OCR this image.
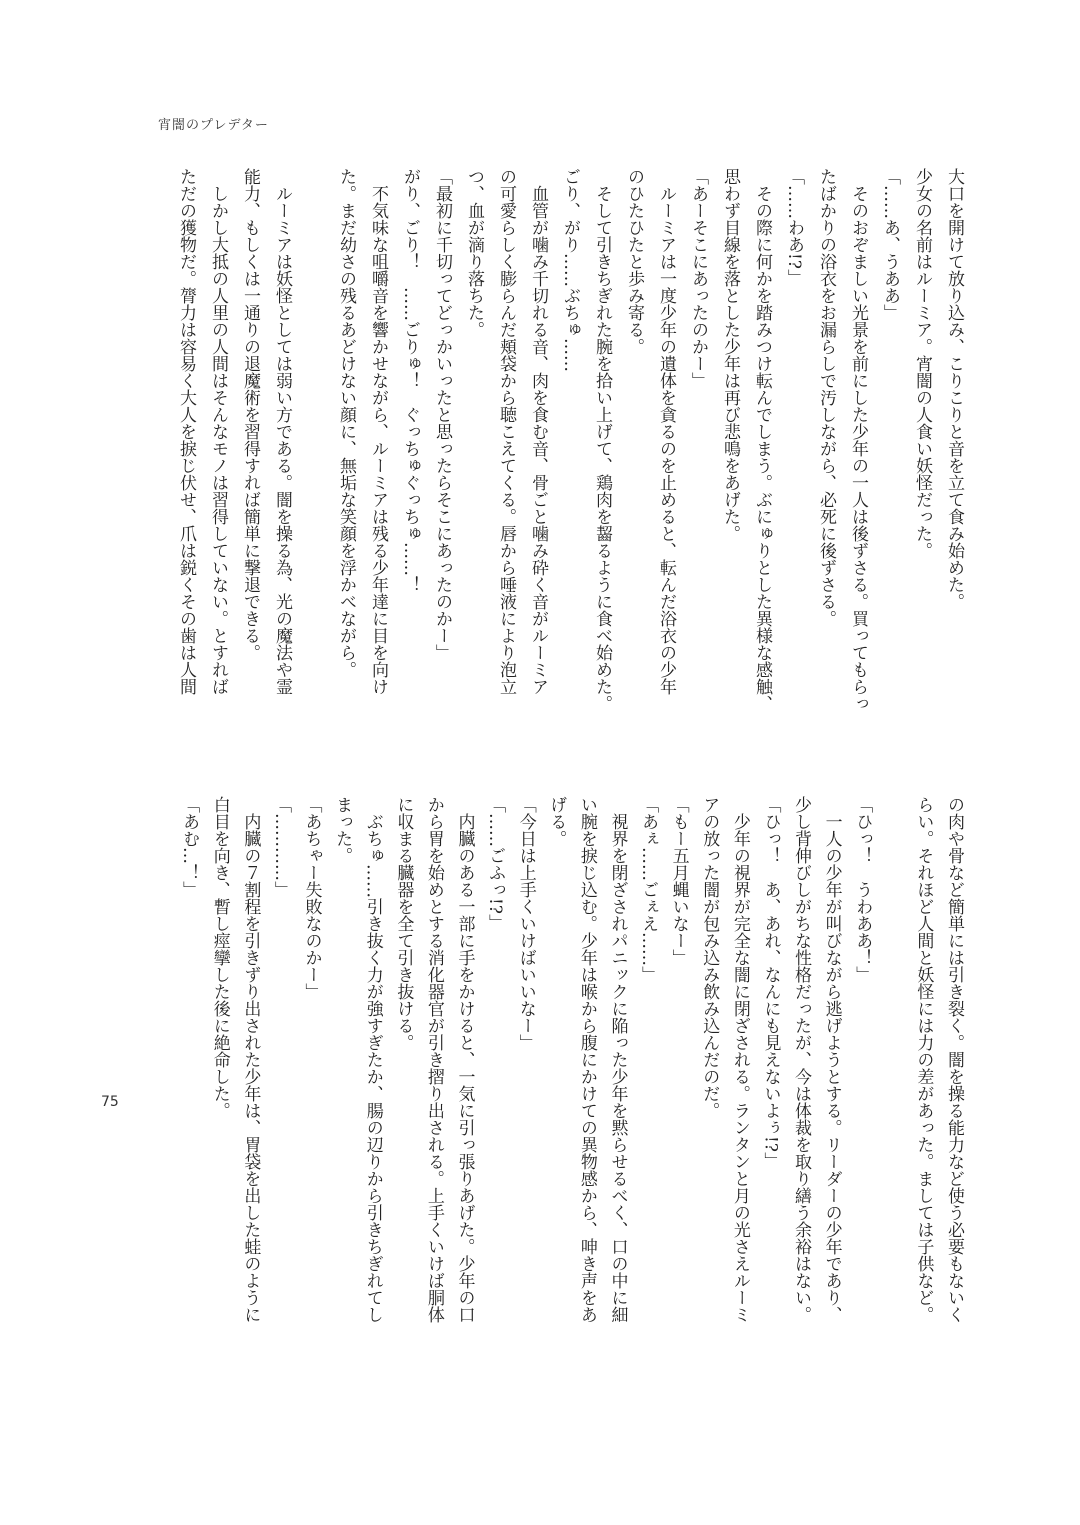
宵闇のプレデター
大口を開けて放り込み、こりこりと音を立て食み始めた。
少女の名前はルーミア。宵闇の人食い妖怪だった。
「……あ、うああ」
　そのおぞましい光景を前にした少年の一人は後ずさる。買ってもらっ
たばかりの浴衣をお漏らしで汚しながら、必死に後ずさる。
「……わあ!?」
　その際に何かを踏みつけ転んでしまう。ぶにゅりとした異様な感触、
思わず目線を落とした少年は再び悲鳴をあげた。
「あーそこにあったのかー」
　ルーミアは一度少年の遺体を貪るのを止めると、転んだ浴衣の少年
のひたひたと歩み寄る。
　そして引きちぎれた腕を拾い上げて、鶏肉を齧るように食べ始めた。
ごり、がり……ぶちゅ……
　血管が噛み千切れる音、肉を食む音、骨ごと噛み砕く音がルーミア
の可愛らしく膨らんだ頬袋から聴こえてくる。唇から唾液により泡立
つ、血が滴り落ちた。
「最初に千切ってどっかいったと思ったらそこにあったのかー」
がり、ごり！　……ごりゅ！　ぐっちゅぐっちゅ……！
　不気味な咀嚼音を響かせながら、ルーミアは残る少年達に目を向け
た。まだ幼さの残るあどけない顔に、無垢な笑顔を浮かべながら。
　ルーミアは妖怪としては弱い方である。闇を操る為、光の魔法や霊
能力、もしくは一通りの退魔術を習得すれば簡単に撃退できる。
　しかし大抵の人里の人間はそんなモノは習得していない。とすれば
ただの獲物だ。膂力は容易く大人を捩じ伏せ、爪は鋭くその歯は人間
の肉や骨など簡単には引き裂く。闇を操る能力など使う必要もないく
らい。それほど人間と妖怪には力の差があった。ましては子供など。
「ひっ！　うわああ！」
　一人の少年が叫びながら逃げようとする。リーダーの少年であり、
少し背伸びしがちな性格だったが、今は体裁を取り繕う余裕はない。
「ひっ！　あ、あれ、なんにも見えないよぅ!?」
　少年の視界が完全な闇に閉ざされる。ランタンと月の光さえルーミ
アの放った闇が包み込み飲み込んだのだ。
「もー五月蝿いなー」
「あぇ……ごぇえ……」
　視界を閉ざされパニックに陥った少年を黙らせるべく、口の中に細
い腕を捩じ込む。少年は喉から腹にかけての異物感から、呻き声をあ
げる。
「今日は上手くいけばいいなー」
「……ごふっ!?」
　内臓のある一部に手をかけると、一気に引っ張りあげた。少年の口
から胃を始めとする消化器官が引き摺り出される。上手くいけば胴体
に収まる臓器を全て引き抜ける。
　ぶちゅ……引き抜く力が強すぎたか、腸の辺りから引きちぎれてし
まった。
「あちゃー失敗なのかー」
「…………」
　内臓の７割程を引きずり出された少年は、胃袋を出した蛙のように
白目を向き、暫し痙攣した後に絶命した。
「あむ…！」
75
